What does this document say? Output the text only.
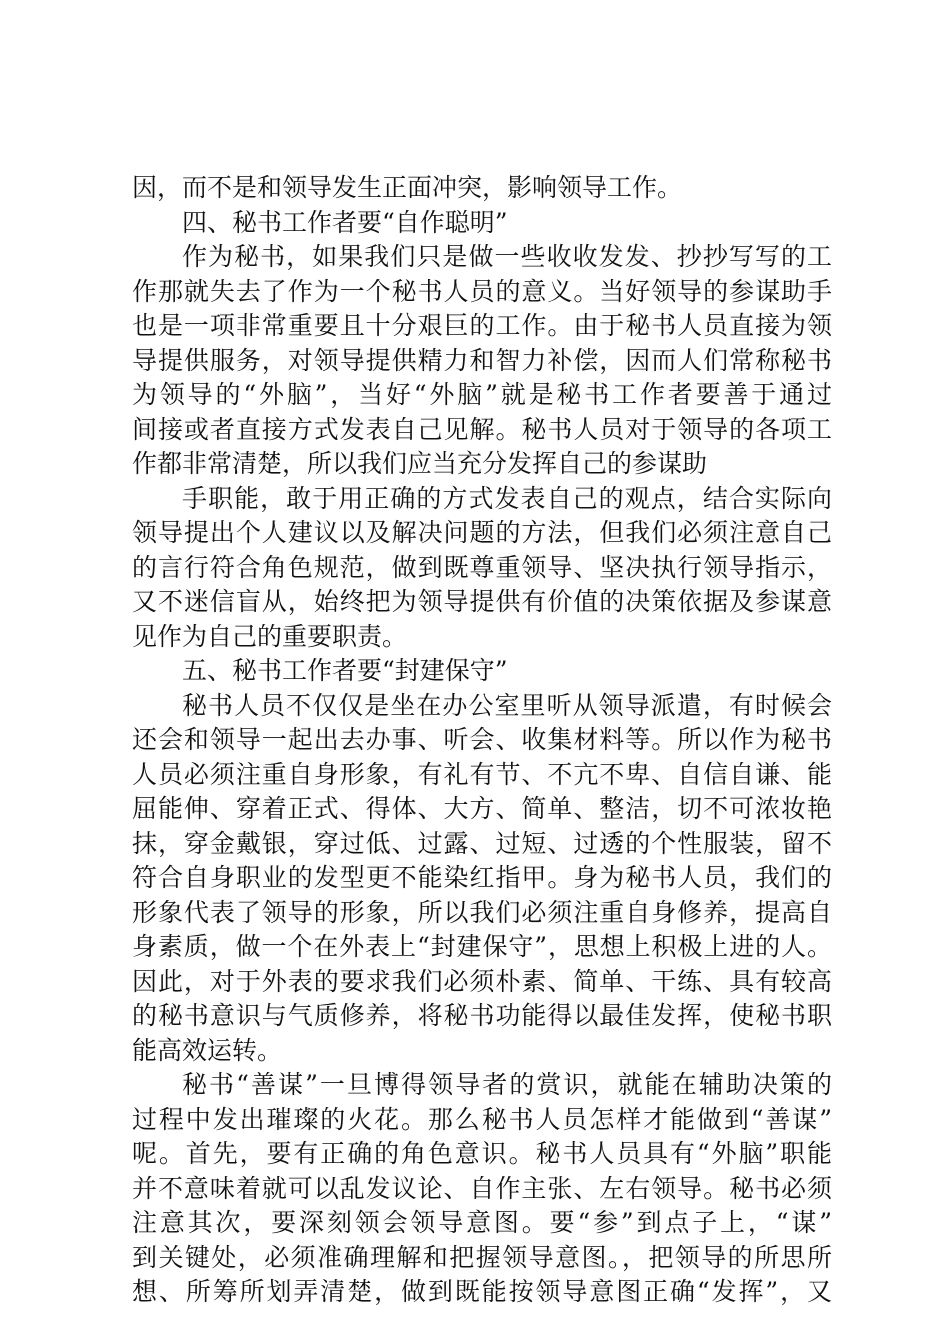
因，而不是和领导发生正面冲突，影响领导工作。
四、秘书工作者要“自作聪明”
作为秘书，如果我们只是做一些收收发发、抄抄写写的工
作那就失去了作为一个秘书人员的意义。当好领导的参谋助手
也是一项非常重要且十分艰巨的工作。由于秘书人员直接为领
导提供服务，对领导提供精力和智力补偿，因而人们常称秘书
为领导的“外脑”，当好“外脑”就是秘书工作者要善于通过
间接或者直接方式发表自己见解。秘书人员对于领导的各项工
作都非常清楚，所以我们应当充分发挥自己的参谋助
手职能，敢于用正确的方式发表自己的观点，结合实际向
领导提出个人建议以及解决问题的方法，但我们必须注意自己
的言行符合角色规范，做到既尊重领导、坚决执行领导指示，
又不迷信盲从，始终把为领导提供有价值的决策依据及参谋意
见作为自己的重要职责。
五、秘书工作者要“封建保守”
秘书人员不仅仅是坐在办公室里听从领导派遣，有时候会
还会和领导一起出去办事、听会、收集材料等。所以作为秘书
人员必须注重自身形象，有礼有节、不亢不卑、自信自谦、能
屈能伸、穿着正式、得体、大方、简单、整洁，切不可浓妆艳
抹，穿金戴银，穿过低、过露、过短、过透的个性服装，留不
符合自身职业的发型更不能染红指甲。身为秘书人员，我们的
形象代表了领导的形象，所以我们必须注重自身修养，提高自
身素质，做一个在外表上“封建保守”，思想上积极上进的人。
因此，对于外表的要求我们必须朴素、简单、干练、具有较高
的秘书意识与气质修养，将秘书功能得以最佳发挥，使秘书职
能高效运转。
秘书“善谋”一旦博得领导者的赏识，就能在辅助决策的
过程中发出璀璨的火花。那么秘书人员怎样才能做到“善谋”
呢。首先，要有正确的角色意识。秘书人员具有“外脑”职能
并不意味着就可以乱发议论、自作主张、左右领导。秘书必须
注意其次，要深刻领会领导意图。要“参”到点子上，“谋”
到关键处，必须准确理解和把握领导意图。，把领导的所思所
想、所筹所划弄清楚，做到既能按领导意图正确“发挥”，又
